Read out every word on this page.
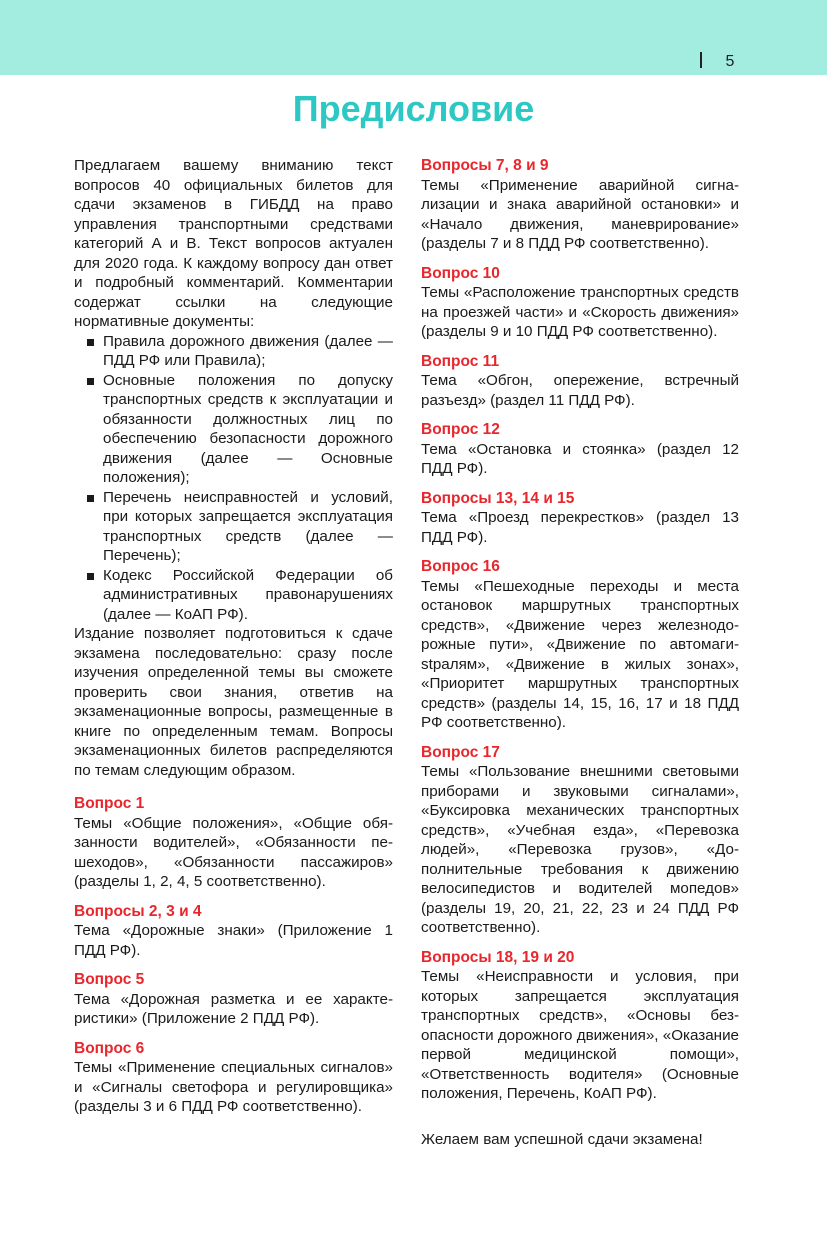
5
Предисловие

Предлагаем вашему вниманию текст вопросов 40 официальных билетов для сдачи экзаменов в ГИБДД на право управления транспортными средствами категорий А и В. Текст вопросов актуален для 2020 года. К каждому вопросу дан ответ и подробный комментарий. Комментарии содержат ссылки на следующие нормативные документы:

Правила дорожного движения (далее — ПДД РФ или Правила);
Основные положения по допуску транспортных средств к эксплуатации и обязанности должностных лиц по обеспечению безопасности дорожного движения (далее — Основные положения);
Перечень неисправностей и условий, при которых запрещается эксплуатация транспортных средств (далее — Перечень);
Кодекс Российской Федерации об административных правонарушениях (далее — КоАП РФ).

Издание позволяет подготовиться к сдаче экзамена последовательно: сразу после изучения определенной темы вы сможете проверить свои знания, ответив на экзаменационные вопросы, размещенные в книге по определенным темам. Вопросы экзаменационных билетов распределяются по темам следующим образом.

Вопрос 1

Темы «Общие положения», «Общие обязанности водителей», «Обязанности пешеходов», «Обязанности пассажиров» (разделы 1, 2, 4, 5 соответственно).

Вопросы 2, 3 и 4

Тема «Дорожные знаки» (Приложение 1 ПДД РФ).

Вопрос 5

Тема «Дорожная разметка и ее характеристики» (Приложение 2 ПДД РФ).

Вопрос 6

Темы «Применение специальных сигналов» и «Сигналы светофора и регулировщика» (разделы 3 и 6 ПДД РФ соответственно).

Вопросы 7, 8 и 9

Темы «Применение аварийной сигнализации и знака аварийной остановки» и «Начало движения, маневрирование» (разделы 7 и 8 ПДД РФ соответственно).

Вопрос 10

Темы «Расположение транспортных средств на проезжей части» и «Скорость движения» (разделы 9 и 10 ПДД РФ соответственно).

Вопрос 11

Тема «Обгон, опережение, встречный разъезд» (раздел 11 ПДД РФ).

Вопрос 12

Тема «Остановка и стоянка» (раздел 12 ПДД РФ).

Вопросы 13, 14 и 15

Тема «Проезд перекрестков» (раздел 13 ПДД РФ).

Вопрос 16

Темы «Пешеходные переходы и места остановок маршрутных транспортных средств», «Движение через железнодорожные пути», «Движение по автомагиstралям», «Движение в жилых зонах», «Приоритет маршрутных транспортных средств» (разделы 14, 15, 16, 17 и 18 ПДД РФ соответственно).

Вопрос 17

Темы «Пользование внешними световыми приборами и звуковыми сигналами», «Буксировка механических транспортных средств», «Учебная езда», «Перевозка людей», «Перевозка грузов», «Дополнительные требования к движению велосипедистов и водителей мопедов» (разделы 19, 20, 21, 22, 23 и 24 ПДД РФ соответственно).

Вопросы 18, 19 и 20

Темы «Неисправности и условия, при которых запрещается эксплуатация транспортных средств», «Основы безопасности дорожного движения», «Оказание первой медицинской помощи», «Ответственность водителя» (Основные положения, Перечень, КоАП РФ).

Желаем вам успешной сдачи экзамена!
